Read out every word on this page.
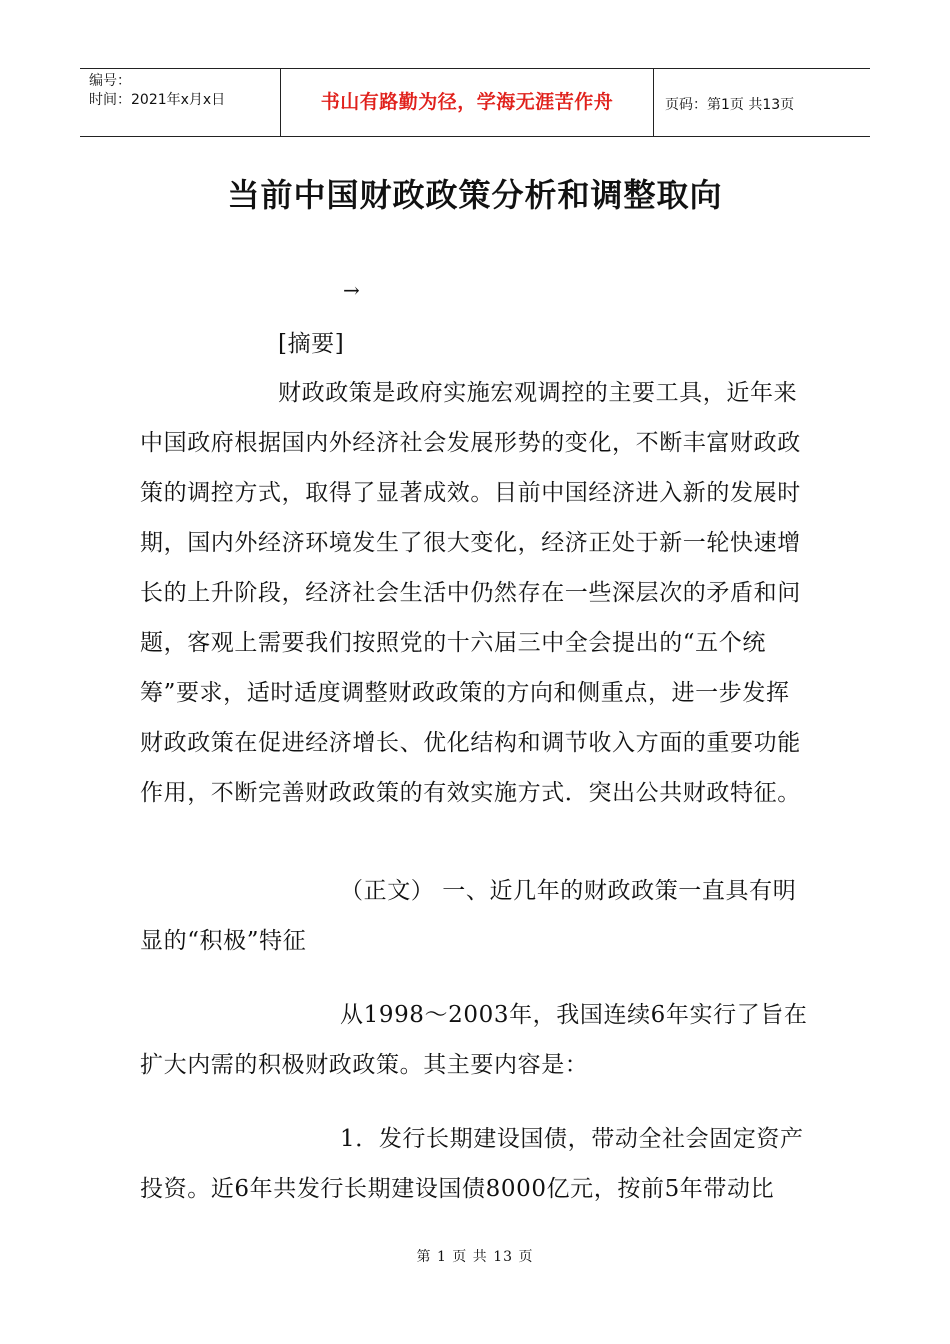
编号：
时间：2021年x月x日	书山有路勤为径，学海无涯苦作舟	页码：第1页 共13页
当前中国财政政策分析和调整取向
→

[摘要]

财政政策是政府实施宏观调控的主要工具，近年来中国政府根据国内外经济社会发展形势的变化，不断丰富财政政策的调控方式，取得了显著成效。目前中国经济进入新的发展时期，国内外经济环境发生了很大变化，经济正处于新一轮快速增长的上升阶段，经济社会生活中仍然存在一些深层次的矛盾和问题，客观上需要我们按照党的十六届三中全会提出的“五个统筹”要求，适时适度调整财政政策的方向和侧重点，进一步发挥财政政策在促进经济增长、优化结构和调节收入方面的重要功能作用，不断完善财政政策的有效实施方式．突出公共财政特征。

（正文） 一、近几年的财政政策一直具有明显的“积极”特征

从1998～2003年，我国连续6年实行了旨在扩大内需的积极财政政策。其主要内容是：

1．发行长期建设国债，带动全社会固定资产投资。近6年共发行长期建设国债8000亿元，按前5年带动比

第 1 页 共 13 页
